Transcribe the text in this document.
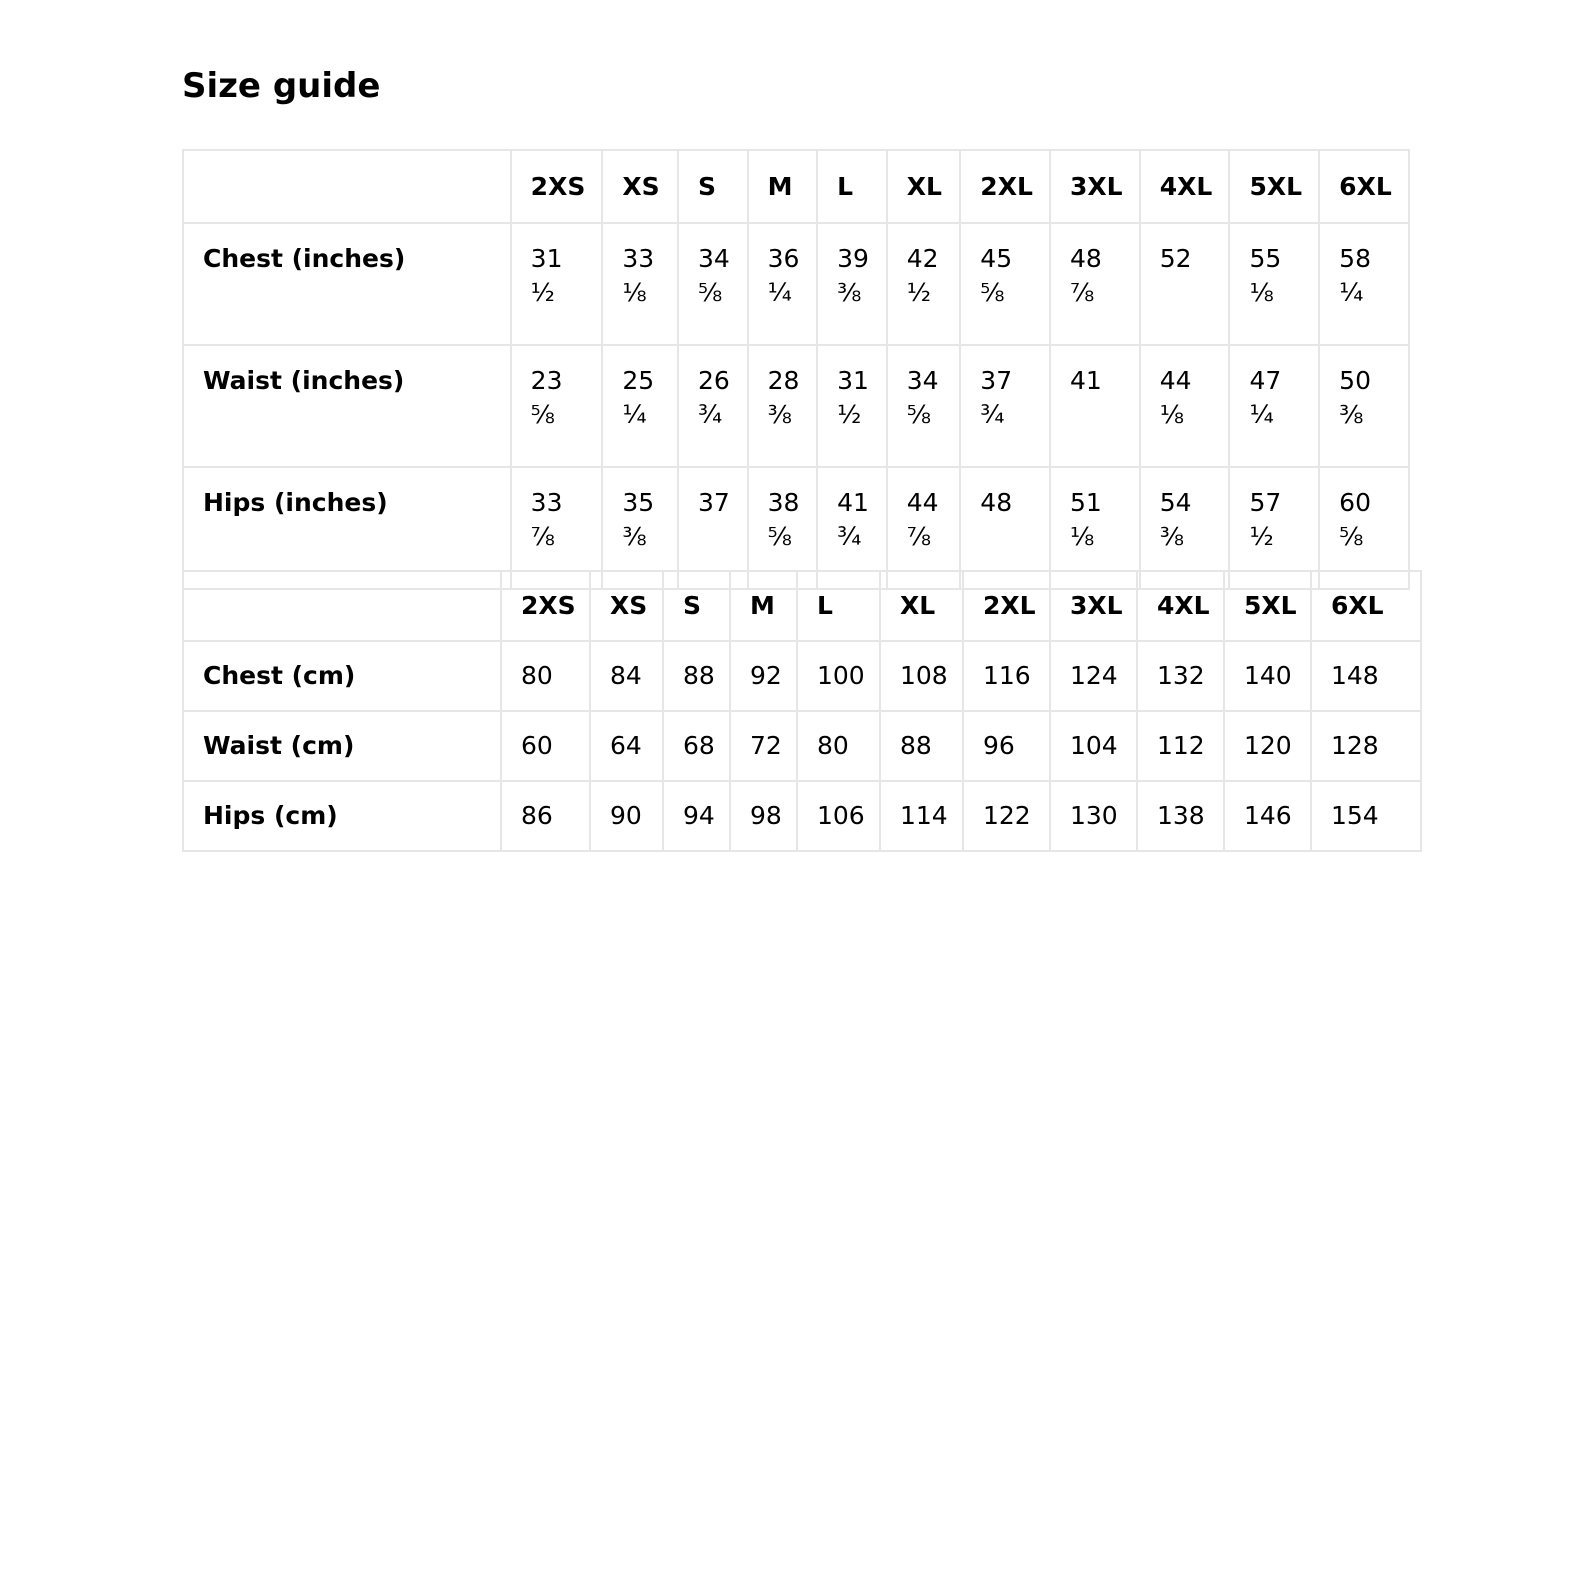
Size guide
	2XS	XS	S	M	L	XL	2XL	3XL	4XL	5XL	6XL
Chest (inches)	31 ½	33 ⅛	34 ⅝	36 ¼	39 ⅜	42 ½	45 ⅝	48 ⅞	52	55 ⅛	58 ¼
Waist (inches)	23 ⅝	25 ¼	26 ¾	28 ⅜	31 ½	34 ⅝	37 ¾	41	44 ⅛	47 ¼	50 ⅜
Hips (inches)	33 ⅞	35 ⅜	37	38 ⅝	41 ¾	44 ⅞	48	51 ⅛	54 ⅜	57 ½	60 ⅝
	2XS	XS	S	M	L	XL	2XL	3XL	4XL	5XL	6XL
Chest (cm)	80	84	88	92	100	108	116	124	132	140	148
Waist (cm)	60	64	68	72	80	88	96	104	112	120	128
Hips (cm)	86	90	94	98	106	114	122	130	138	146	154
